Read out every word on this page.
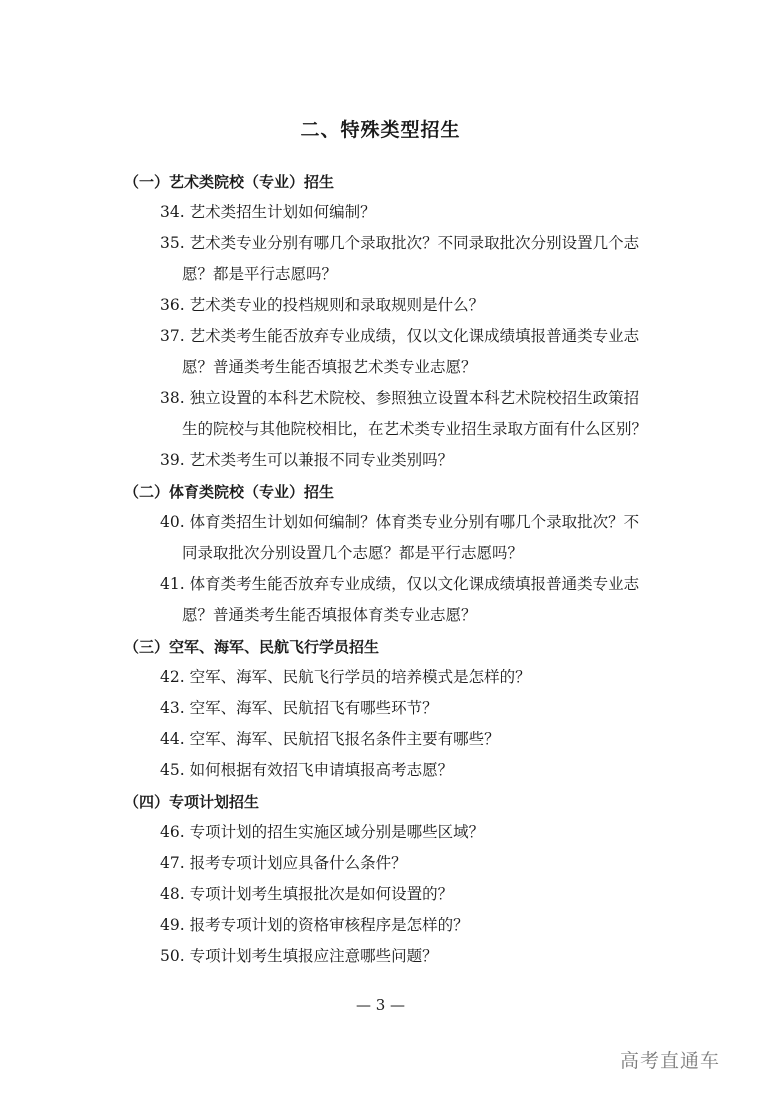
二、特殊类型招生
（一）艺术类院校（专业）招生
34. 艺术类招生计划如何编制？
35. 艺术类专业分别有哪几个录取批次？不同录取批次分别设置几个志
愿？都是平行志愿吗？
36. 艺术类专业的投档规则和录取规则是什么？
37. 艺术类考生能否放弃专业成绩，仅以文化课成绩填报普通类专业志
愿？普通类考生能否填报艺术类专业志愿？
38. 独立设置的本科艺术院校、参照独立设置本科艺术院校招生政策招
生的院校与其他院校相比，在艺术类专业招生录取方面有什么区别？
39. 艺术类考生可以兼报不同专业类别吗？
（二）体育类院校（专业）招生
40. 体育类招生计划如何编制？体育类专业分别有哪几个录取批次？不
同录取批次分别设置几个志愿？都是平行志愿吗？
41. 体育类考生能否放弃专业成绩，仅以文化课成绩填报普通类专业志
愿？普通类考生能否填报体育类专业志愿？
（三）空军、海军、民航飞行学员招生
42. 空军、海军、民航飞行学员的培养模式是怎样的？
43. 空军、海军、民航招飞有哪些环节？
44. 空军、海军、民航招飞报名条件主要有哪些？
45. 如何根据有效招飞申请填报高考志愿？
（四）专项计划招生
46. 专项计划的招生实施区域分别是哪些区域？
47. 报考专项计划应具备什么条件？
48. 专项计划考生填报批次是如何设置的？
49. 报考专项计划的资格审核程序是怎样的？
50. 专项计划考生填报应注意哪些问题？
— 3 —
高考直通车
